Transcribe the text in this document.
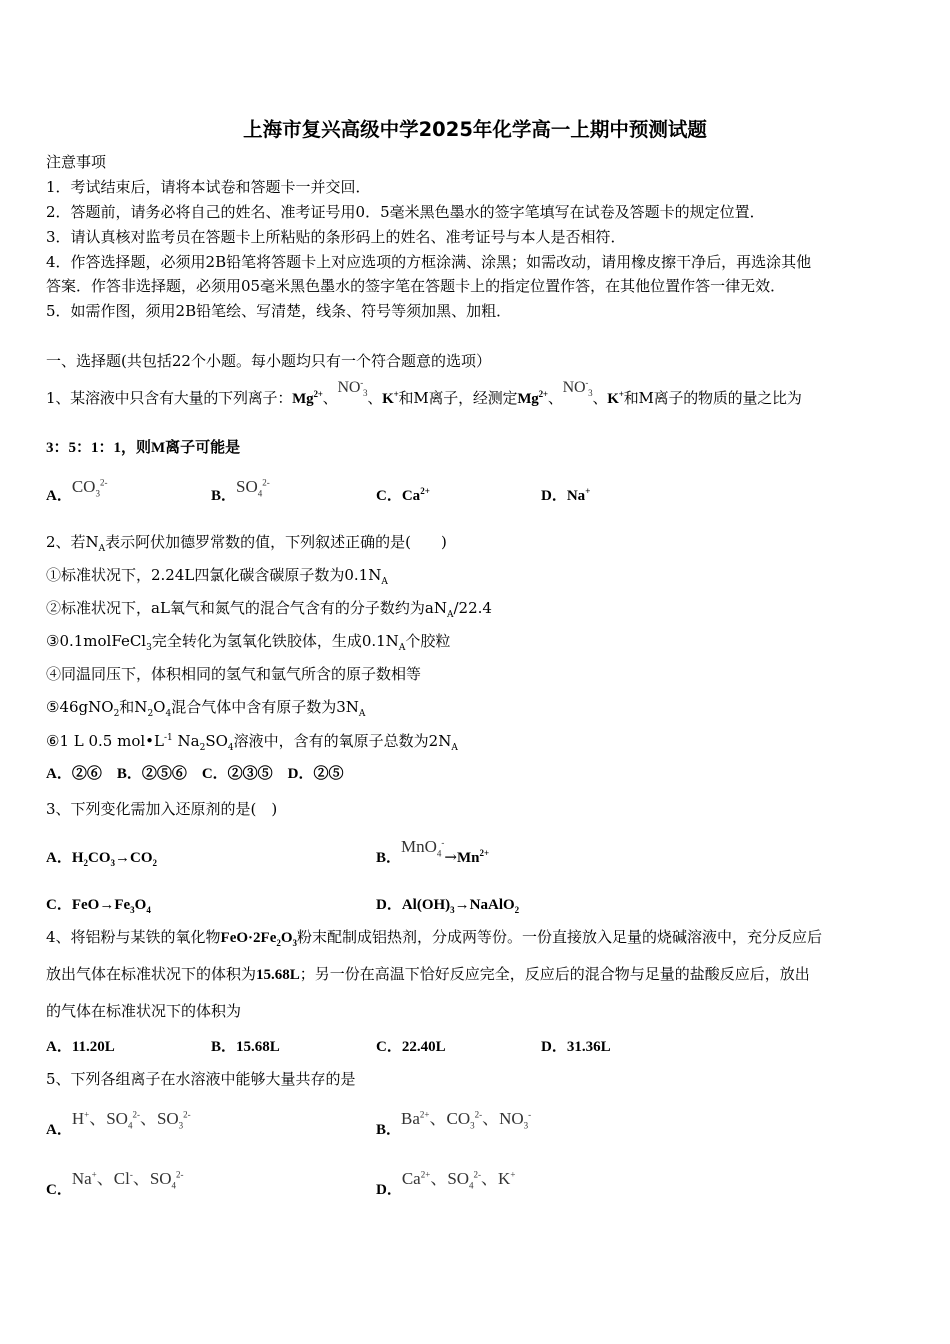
上海市复兴高级中学2025年化学高一上期中预测试题
注意事项
1．考试结束后，请将本试卷和答题卡一并交回．
2．答题前，请务必将自己的姓名、准考证号用0．5毫米黑色墨水的签字笔填写在试卷及答题卡的规定位置．
3．请认真核对监考员在答题卡上所粘贴的条形码上的姓名、准考证号与本人是否相符．
4．作答选择题，必须用2B铅笔将答题卡上对应选项的方框涂满、涂黑；如需改动，请用橡皮擦干净后，再选涂其他
答案．作答非选择题，必须用05毫米黑色墨水的签字笔在答题卡上的指定位置作答，在其他位置作答一律无效．
5．如需作图，须用2B铅笔绘、写清楚，线条、符号等须加黑、加粗．
一、选择题(共包括22个小题。每小题均只有一个符合题意的选项）
1、某溶液中只含有大量的下列离子：$Mg^{2+}$、$NO^-_3$、K+和M离子，经测定$Mg^{2+}$、$NO^-_3$、K+和M离子的物质的量之比为
3：5：1：1，则M离子可能是
A．$CO_3^{2-}$
B．$SO_4^{2-}$
C．$Ca^{2+}$	D．Na+
2、若$N_A$表示阿伏加德罗常数的值，下列叙述正确的是(　　)
①标准状况下，2.24L四氯化碳含碳原子数为$0.1N_A$
②标准状况下，aL氧气和氮气的混合气含有的分子数约为$aN_A/22.4$
③0.1molFeCl$_3$完全转化为氢氧化铁胶体，生成$0.1N_A$个胶粒
④同温同压下，体积相同的氢气和氩气所含的原子数相等
⑤46gNO$_2$和$N_2O_4$混合气体中含有原子数为$3N_A$
⑥1 L 0.5 $mol•L^{-1}$ $Na_2SO_4$溶液中，含有的氧原子总数为$2N_A$
A．②⑥　B．②⑤⑥　C．②③⑤　D．②⑤
3、下列变化需加入还原剂的是(　)
A．$H_2CO_3\to CO_2$	B．$MnO_4^-\to Mn^{2+}$
C．$FeO\to Fe_3O_4$	D．$Al(OH)_3\to NaAlO_2$
4、将铝粉与某铁的氧化物$FeO\cdot 2Fe_2O_3$粉末配制成铝热剂，分成两等份。一份直接放入足量的烧碱溶液中，充分反应后
放出气体在标准状况下的体积为15.68L；另一份在高温下恰好反应完全，反应后的混合物与足量的盐酸反应后，放出
的气体在标准状况下的体积为
A．11.20L	B．15.68L	C．22.40L	D．31.36L
5、下列各组离子在水溶液中能够大量共存的是
A．H+、$SO_4^{2-}$、$SO_3^{2-}$
B．$Ba^{2+}$、$CO_3^{2-}$、$NO_3^-$
C．Na+、Cl-、$SO_4^{2-}$
D．$Ca^{2+}$、$SO_4^{2-}$、K+
